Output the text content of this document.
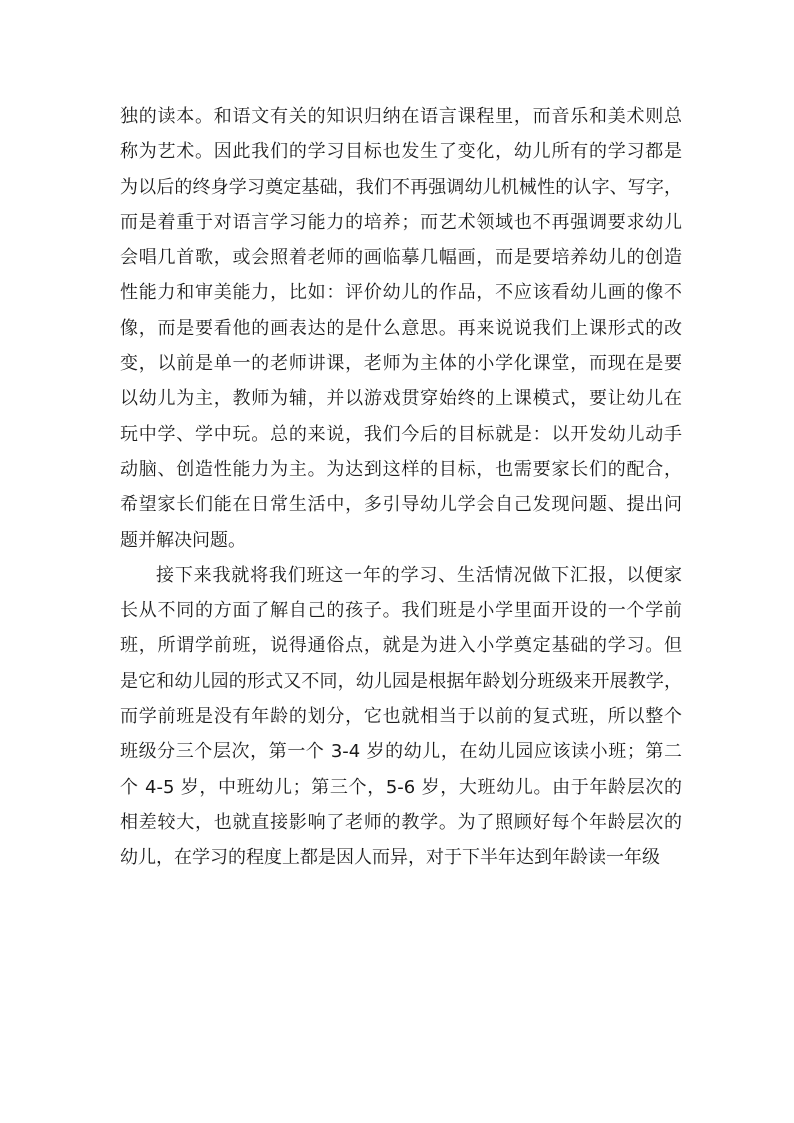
独的读本。和语文有关的知识归纳在语言课程里，而音乐和美术则总
称为艺术。因此我们的学习目标也发生了变化，幼儿所有的学习都是
为以后的终身学习奠定基础，我们不再强调幼儿机械性的认字、写字，
而是着重于对语言学习能力的培养；而艺术领域也不再强调要求幼儿
会唱几首歌，或会照着老师的画临摹几幅画，而是要培养幼儿的创造
性能力和审美能力，比如：评价幼儿的作品，不应该看幼儿画的像不
像，而是要看他的画表达的是什么意思。再来说说我们上课形式的改
变，以前是单一的老师讲课，老师为主体的小学化课堂，而现在是要
以幼儿为主，教师为辅，并以游戏贯穿始终的上课模式，要让幼儿在
玩中学、学中玩。总的来说，我们今后的目标就是：以开发幼儿动手
动脑、创造性能力为主。为达到这样的目标，也需要家长们的配合，
希望家长们能在日常生活中，多引导幼儿学会自己发现问题、提出问
题并解决问题。
接下来我就将我们班这一年的学习、生活情况做下汇报，以便家
长从不同的方面了解自己的孩子。我们班是小学里面开设的一个学前
班，所谓学前班，说得通俗点，就是为进入小学奠定基础的学习。但
是它和幼儿园的形式又不同，幼儿园是根据年龄划分班级来开展教学，
而学前班是没有年龄的划分，它也就相当于以前的复式班，所以整个
班级分三个层次，第一个 3-4 岁的幼儿，在幼儿园应该读小班；第二
个 4-5 岁，中班幼儿；第三个，5-6 岁，大班幼儿。由于年龄层次的
相差较大，也就直接影响了老师的教学。为了照顾好每个年龄层次的
幼儿，在学习的程度上都是因人而异，对于下半年达到年龄读一年级
